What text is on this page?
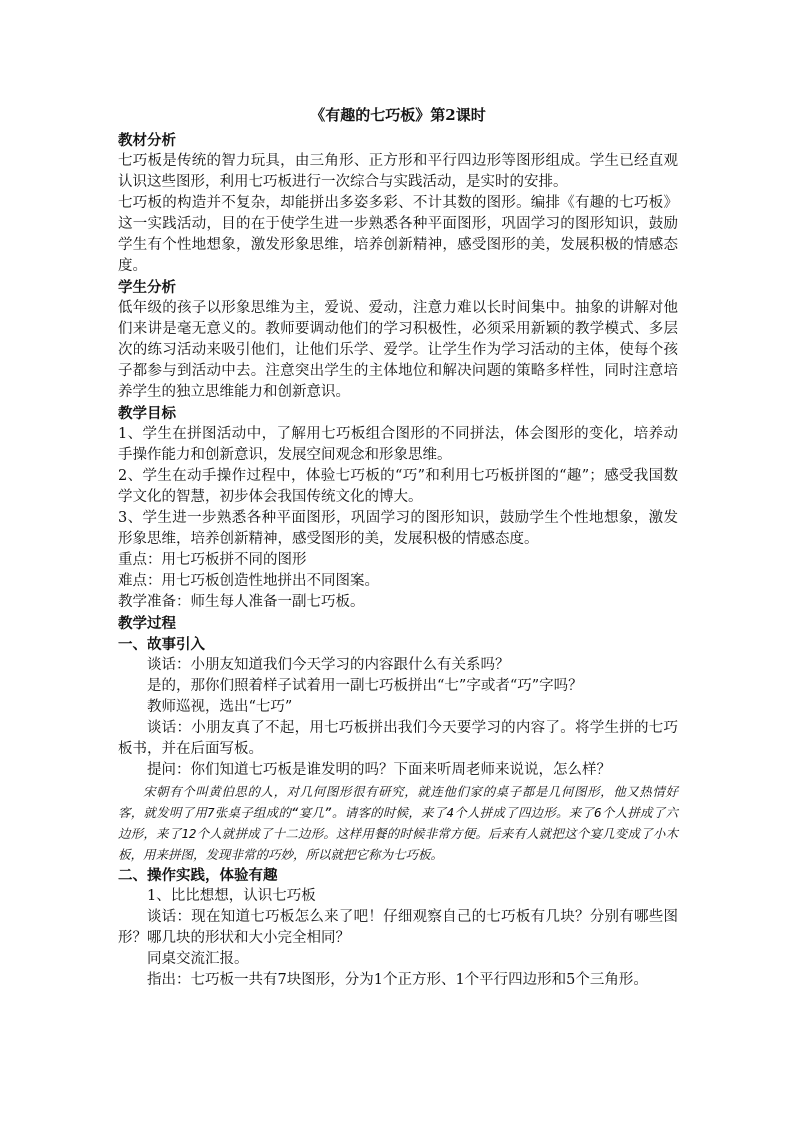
《有趣的七巧板》第2课时
教材分析

七巧板是传统的智力玩具，由三角形、正方形和平行四边形等图形组成。学生已经直观认识这些图形，利用七巧板进行一次综合与实践活动，是实时的安排。

七巧板的构造并不复杂，却能拼出多姿多彩、不计其数的图形。编排《有趣的七巧板》这一实践活动，目的在于使学生进一步熟悉各种平面图形，巩固学习的图形知识，鼓励学生有个性地想象，激发形象思维，培养创新精神，感受图形的美，发展积极的情感态度。

学生分析

低年级的孩子以形象思维为主，爱说、爱动，注意力难以长时间集中。抽象的讲解对他们来讲是毫无意义的。教师要调动他们的学习积极性，必须采用新颖的教学模式、多层次的练习活动来吸引他们，让他们乐学、爱学。让学生作为学习活动的主体，使每个孩子都参与到活动中去。注意突出学生的主体地位和解决问题的策略多样性，同时注意培养学生的独立思维能力和创新意识。

教学目标

1、学生在拼图活动中，了解用七巧板组合图形的不同拼法，体会图形的变化，培养动手操作能力和创新意识，发展空间观念和形象思维。

2、学生在动手操作过程中，体验七巧板的“巧”和利用七巧板拼图的“趣”；感受我国数学文化的智慧，初步体会我国传统文化的博大。

3、学生进一步熟悉各种平面图形，巩固学习的图形知识，鼓励学生个性地想象，激发形象思维，培养创新精神，感受图形的美，发展积极的情感态度。

重点：用七巧板拼不同的图形

难点：用七巧板创造性地拼出不同图案。

教学准备：师生每人准备一副七巧板。

教学过程
一、故事引入

谈话：小朋友知道我们今天学习的内容跟什么有关系吗？

是的，那你们照着样子试着用一副七巧板拼出“七”字或者“巧”字吗？

教师巡视，选出“七巧”

谈话：小朋友真了不起，用七巧板拼出我们今天要学习的内容了。将学生拼的七巧板书，并在后面写板。

提问：你们知道七巧板是谁发明的吗？下面来听周老师来说说，怎么样？

宋朝有个叫黄伯思的人，对几何图形很有研究，就连他们家的桌子都是几何图形，他又热情好客，就发明了用7张桌子组成的“宴几”。请客的时候，来了4个人拼成了四边形。来了6个人拼成了六边形，来了12个人就拼成了十二边形。这样用餐的时候非常方便。后来有人就把这个宴几变成了小木板，用来拼图，发现非常的巧妙，所以就把它称为七巧板。

二、操作实践，体验有趣

1、比比想想，认识七巧板

谈话：现在知道七巧板怎么来了吧！仔细观察自己的七巧板有几块？分别有哪些图形？哪几块的形状和大小完全相同？

同桌交流汇报。

指出：七巧板一共有7块图形，分为1个正方形、1个平行四边形和5个三角形。
